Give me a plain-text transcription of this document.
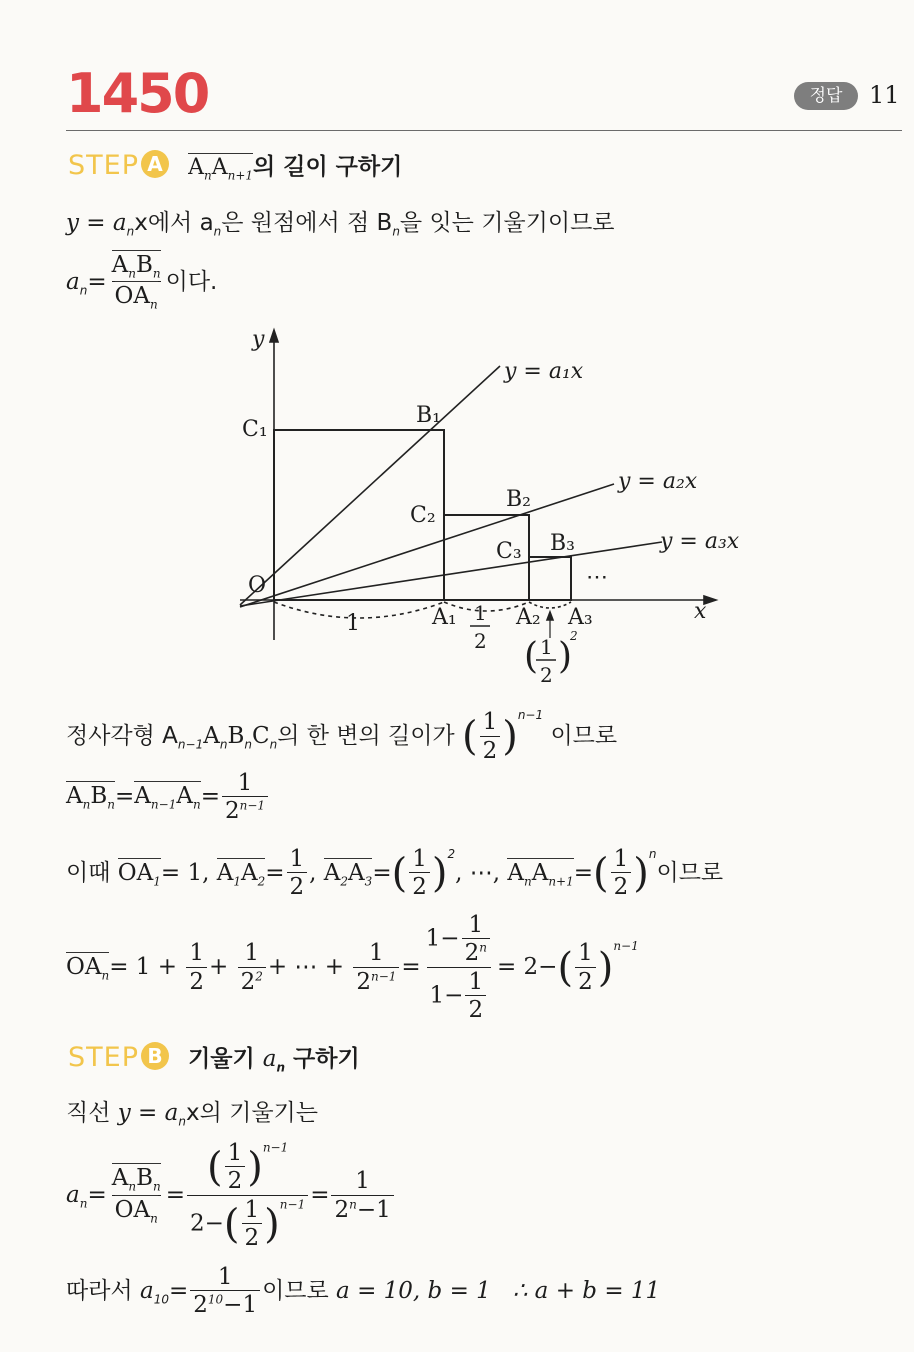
1450	정답	11
STEP A $A_nA_{n+1}$의 길이 구하기
$y = a_nx$에서 $a_n$은 원점에서 점 $B_n$을 잇는 기울기이므로
$a_n= \frac{A_nB_n}{OA_n}$ 이다.
y
x
O
y = a₁x
y = a₂x
y = a₃x
B₁
B₂
B₃
C₁
C₂
C₃
A₁	A₂ A₃
⋯
1	1
2 ( 1
2 )
2
정사각형 $A_{n-1}A_nB_nC_n$의 한 변의 길이가 ( $\frac{1}{2} )^{n-1}$ 이므로
$A_nB_n=A_{n-1}A_n= \frac{1}{2^{n-1}}$
이때 $OA_1= 1$, $A_1A_2= \frac{1}{2}$ , $A_2A_3=( \frac{1}{2} )^2$, ⋯, $A_nA_{n+1}=( \frac{1}{2} )^n$이므로
$OA_n= 1 + \frac{1}{2} + \frac{1}{2^2}$ + ⋯ + $\frac{1}{2^{n-1}} = \frac{1- \frac{1}{2^n}}{1- \frac{1}{2}} = 2-( \frac{1}{2} )^{n-1}$
STEP B 기울기 $a_n$ 구하기
직선 $y = a_nx$의 기울기는
$a_n= \frac{A_nB_n}{OA_n} = \frac{( \frac{1}{2} )^{n-1}}{2-( \frac{1}{2} )^{n-1}} = \frac{1}{2^n-1}$
따라서 $a_{10}= \frac{1}{2^{10}-1}$ 이므로 a = 10, b = 1 ∴ a + b = 11
